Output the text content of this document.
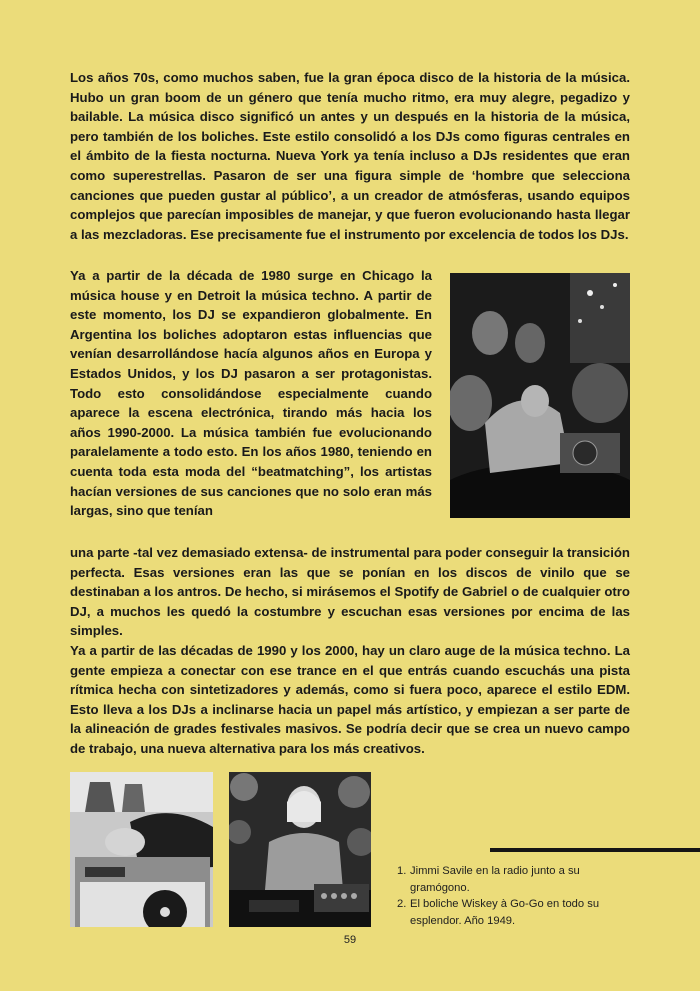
Los años 70s, como muchos saben, fue la gran época disco de la historia de la música. Hubo un gran boom de un género que tenía mucho ritmo, era muy alegre, pegadizo y bailable. La música disco significó un antes y un después en la historia de la música, pero también de los boliches. Este estilo consolidó a los DJs como figuras centrales en el ámbito de la fiesta nocturna. Nueva York ya tenía incluso a DJs residentes que eran como superestrellas. Pasaron de ser una figura simple de ‘hombre que selecciona canciones que pueden gustar al público’, a un creador de atmósferas, usando equipos complejos que parecían imposibles de manejar, y que fueron evolucionando hasta llegar a las mezcladoras. Ese precisamente fue el instrumento por excelencia de todos los DJs.

Ya a partir de la década de 1980 surge en Chicago la música house y en Detroit la música techno. A partir de este momento, los DJ se expandieron globalmente. En Argentina los boliches adoptaron estas influencias que venían desarrollándose hacía algunos años en Europa y Estados Unidos, y los DJ pasaron a ser protagonistas. Todo esto consolidándose especialmente cuando aparece la escena electrónica, tirando más hacia los años 1990-2000. La música también fue evolucionando paralelamente a todo esto. En los años 1980, teniendo en cuenta toda esta moda del “beatmatching”, los artistas hacían versiones de sus canciones que no solo eran más largas, sino que tenían

una parte -tal vez demasiado extensa- de instrumental para poder conseguir la transición perfecta. Esas versiones eran las que se ponían en los discos de vinilo que se destinaban a los antros. De hecho, si mirásemos el Spotify de Gabriel o de cualquier otro DJ, a muchos les quedó la costumbre y escuchan esas versiones por encima de las simples.

Ya a partir de las décadas de 1990 y los 2000, hay un claro auge de la música techno. La gente empieza a conectar con ese trance en el que entrás cuando escuchás una pista rítmica hecha con sintetizadores y además, como si fuera poco, aparece el estilo EDM. Esto lleva a los DJs a inclinarse hacia un papel más artístico, y empiezan a ser parte de la alineación de grades festivales masivos. Se podría decir que se crea un nuevo campo de trabajo, una nueva alternativa para los más creativos.

1. Jimmi Savile en la radio junto a su gramógono.
2. El boliche Wiskey à Go-Go en todo su esplendor. Año 1949.
59
